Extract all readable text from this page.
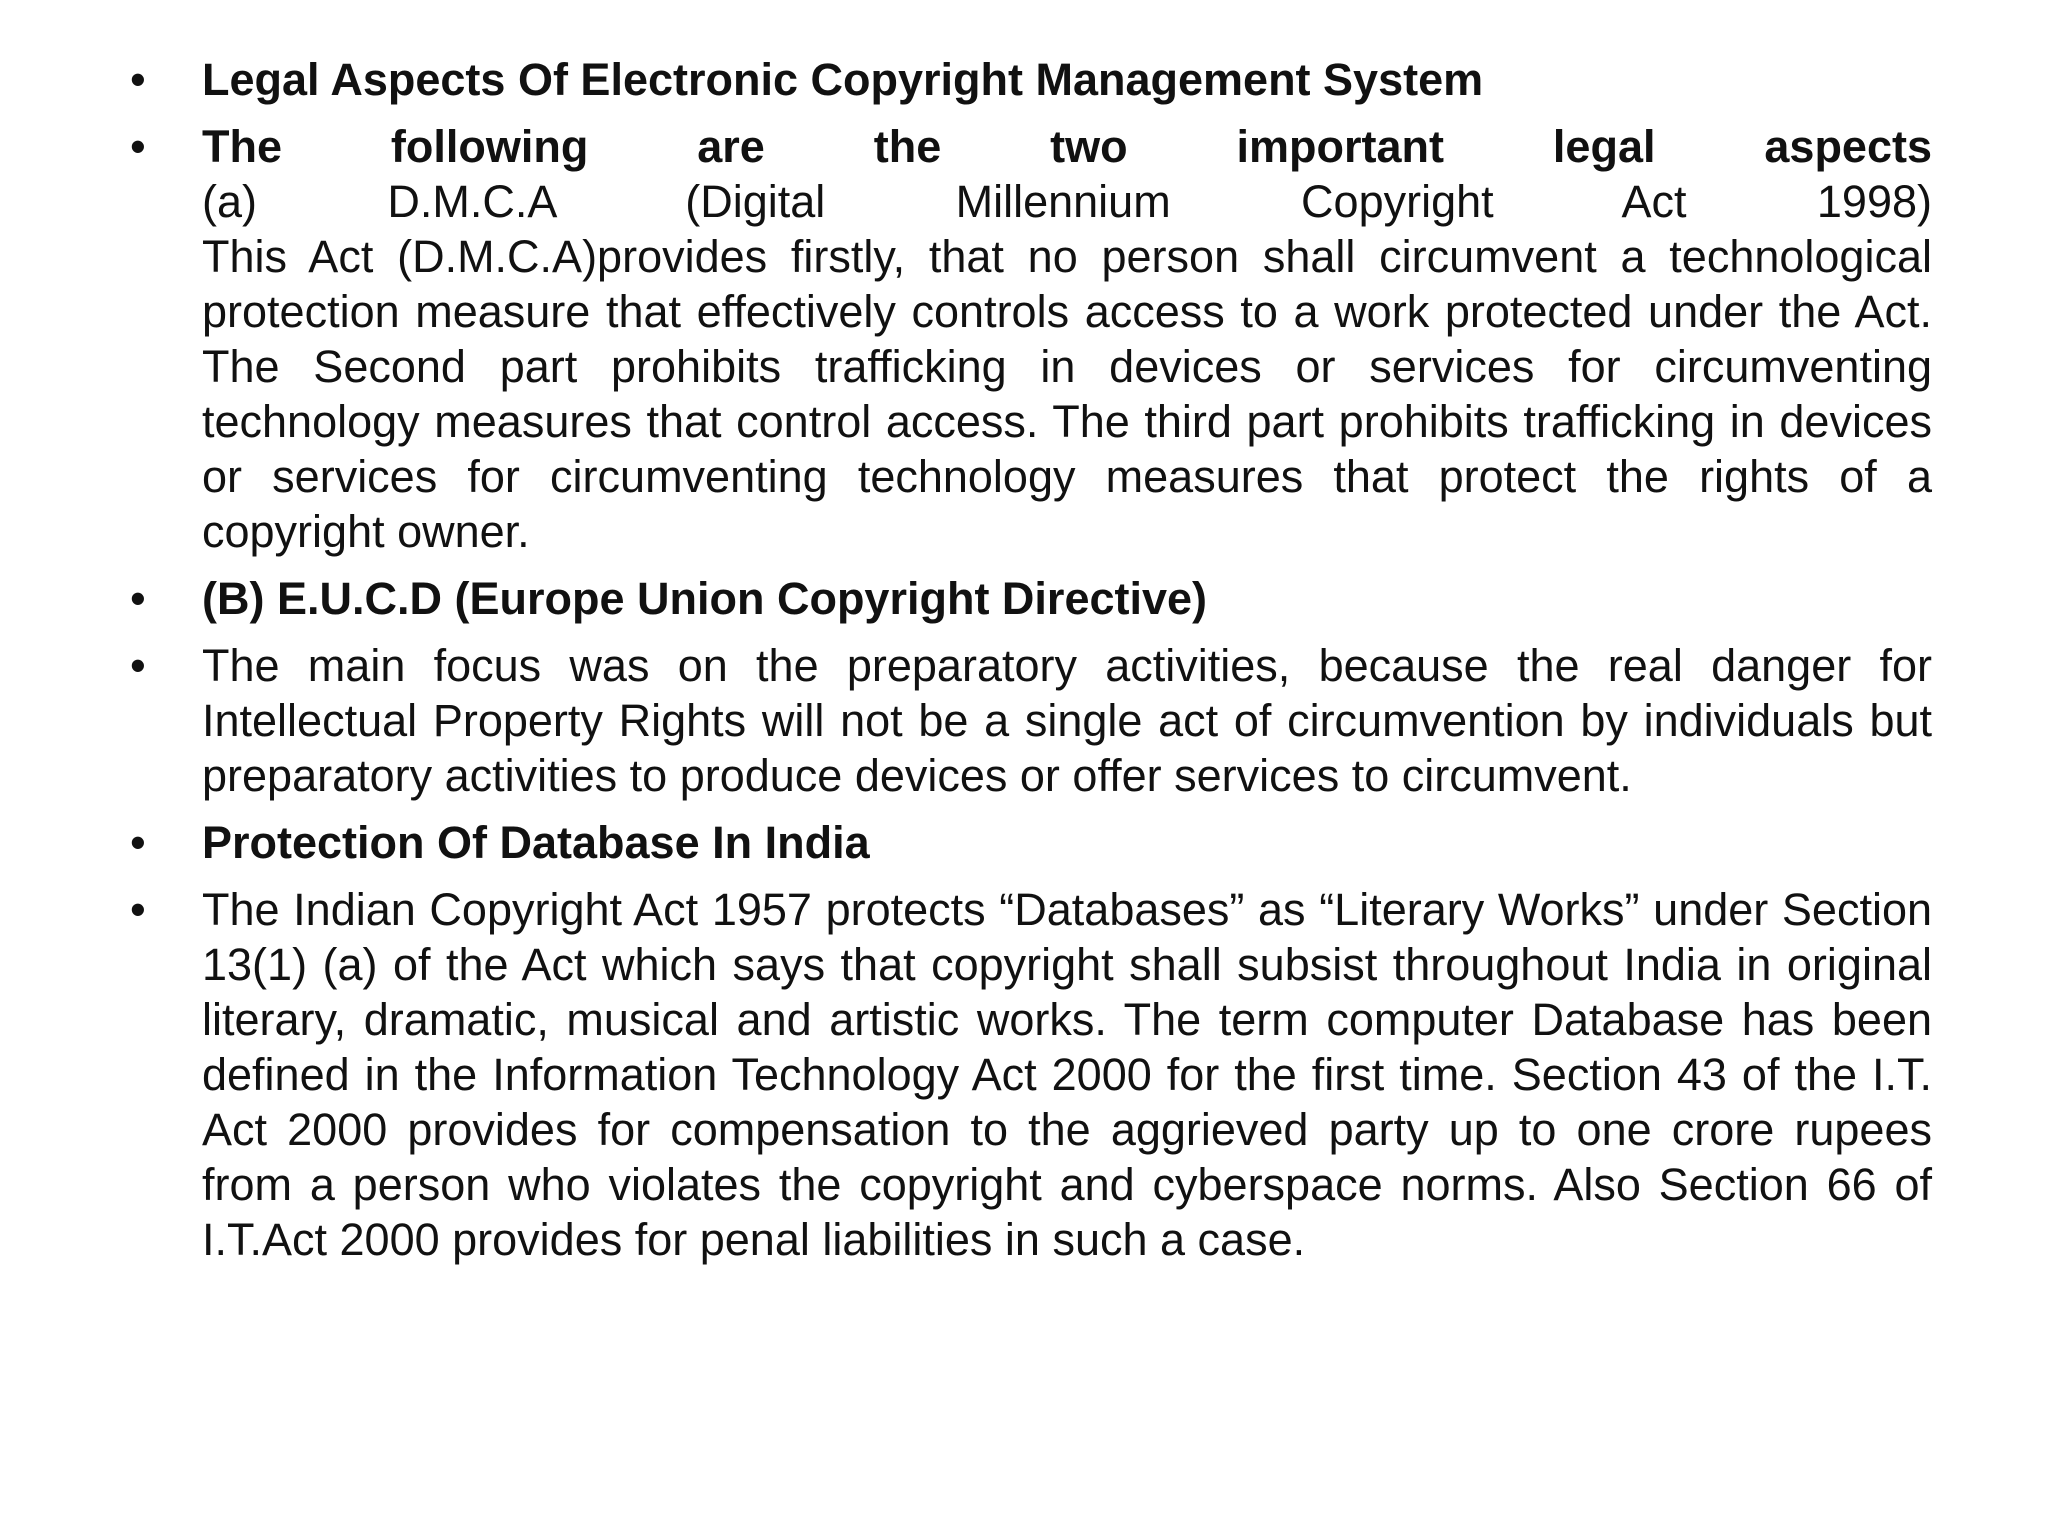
•	Legal Aspects Of Electronic Copyright Management System
•	The following are the two important legal aspects
(a) D.M.C.A (Digital Millennium Copyright Act 1998)
This Act (D.M.C.A)provides firstly, that no person shall circumvent a technological protection measure that effectively controls access to a work protected under the Act. The Second part prohibits trafficking in devices or services for circumventing technology measures that control access. The third part prohibits trafficking in devices or services for circumventing technology measures that protect the rights of a copyright owner.
•	(B) E.U.C.D (Europe Union Copyright Directive)
•	The main focus was on the preparatory activities, because the real danger for Intellectual Property Rights will not be a single act of circumvention by individuals but preparatory activities to produce devices or offer services to circumvent.
•	Protection Of Database In India
•	The Indian Copyright Act 1957 protects “Databases” as “Literary Works” under Section 13(1) (a) of the Act which says that copyright shall subsist throughout India in original literary, dramatic, musical and artistic works. The term computer Database has been defined in the Information Technology Act 2000 for the first time. Section 43 of the I.T. Act 2000 provides for compensation to the aggrieved party up to one crore rupees from a person who violates the copyright and cyberspace norms. Also Section 66 of I.T.Act 2000 provides for penal liabilities in such a case.
